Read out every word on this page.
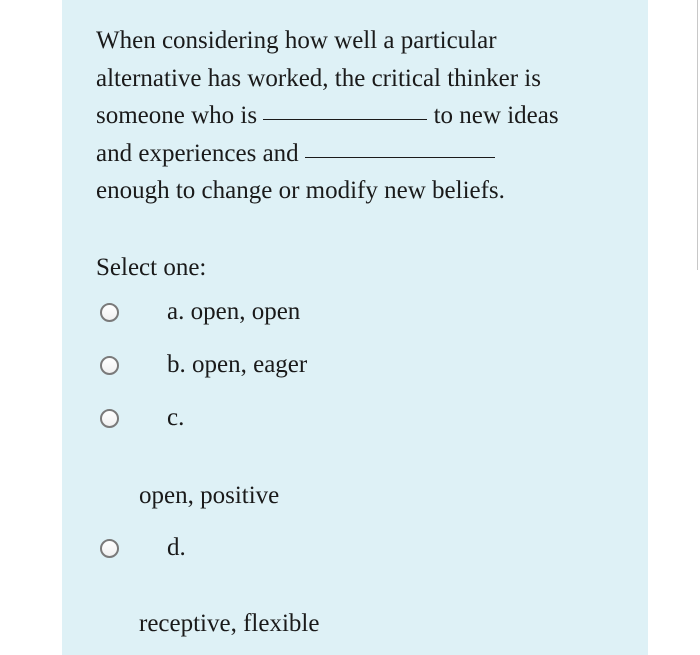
When considering how well a particular
alternative has worked, the critical thinker is
someone who is	to new ideas
and experiences and
enough to change or modify new beliefs.

Select one:
a. open, open
b. open, eager
c.
open, positive
d.
receptive, flexible
